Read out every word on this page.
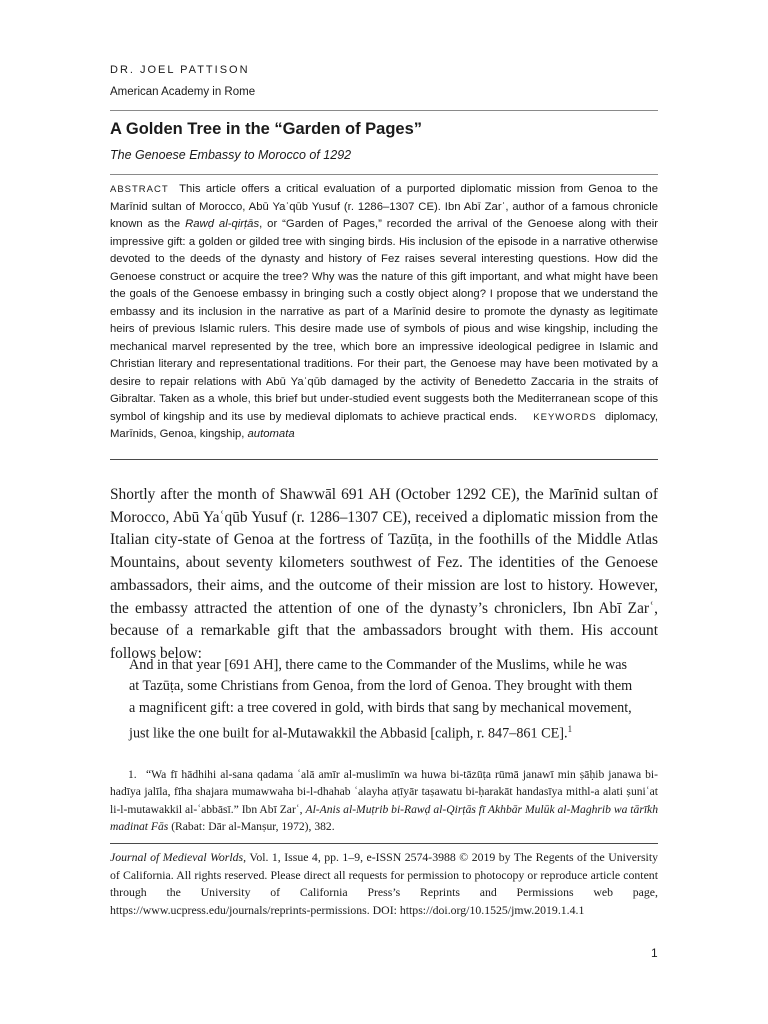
DR. JOEL PATTISON
American Academy in Rome
A Golden Tree in the “Garden of Pages”
The Genoese Embassy to Morocco of 1292

ABSTRACT This article offers a critical evaluation of a purported diplomatic mission from Genoa to the Marīnid sultan of Morocco, Abū Yaʿqūb Yusuf (r. 1286–1307 CE). Ibn Abī Zarʿ, author of a famous chronicle known as the Rawḍ al-qirṭās, or “Garden of Pages,” recorded the arrival of the Genoese along with their impressive gift: a golden or gilded tree with singing birds. His inclusion of the episode in a narrative otherwise devoted to the deeds of the dynasty and history of Fez raises several interesting questions. How did the Genoese construct or acquire the tree? Why was the nature of this gift important, and what might have been the goals of the Genoese embassy in bringing such a costly object along? I propose that we understand the embassy and its inclusion in the narrative as part of a Marīnid desire to promote the dynasty as legitimate heirs of previous Islamic rulers. This desire made use of symbols of pious and wise kingship, including the mechanical marvel represented by the tree, which bore an impressive ideological pedigree in Islamic and Christian literary and representational traditions. For their part, the Genoese may have been motivated by a desire to repair relations with Abū Yaʿqūb damaged by the activity of Benedetto Zaccaria in the straits of Gibraltar. Taken as a whole, this brief but under-studied event suggests both the Mediterranean scope of this symbol of kingship and its use by medieval diplomats to achieve practical ends. KEYWORDS diplomacy, Marīnids, Genoa, kingship, automata

Shortly after the month of Shawwāl 691 AH (October 1292 CE), the Marīnid sultan of Morocco, Abū Yaʿqūb Yusuf (r. 1286–1307 CE), received a diplomatic mission from the Italian city-state of Genoa at the fortress of Tazūṭa, in the foothills of the Middle Atlas Mountains, about seventy kilometers southwest of Fez. The identities of the Genoese ambassadors, their aims, and the outcome of their mission are lost to history. However, the embassy attracted the attention of one of the dynasty’s chroniclers, Ibn Abī Zarʿ, because of a remarkable gift that the ambassadors brought with them. His account follows below:

And in that year [691 AH], there came to the Commander of the Muslims, while he was at Tazūṭa, some Christians from Genoa, from the lord of Genoa. They brought with them a magnificent gift: a tree covered in gold, with birds that sang by mechanical movement, just like the one built for al-Mutawakkil the Abbasid [caliph, r. 847–861 CE].$^1$

1. “Wa fī hādhihi al-sana qadama ʿalā amīr al-muslimīn wa huwa bi-tāzūṭa rūmā janawī min ṣāḥib janawa bi-hadīya jalīla, fīha shajara mumawwaha bi-l-dhahab ʿalayha aṭīyār taṣawatu bi-ḥarakāt handasīya mithl-a alati ṣuniʿat li-l-mutawakkil al-ʿabbāsī.” Ibn Abī Zarʿ, Al-Anis al-Muṭrib bi-Rawḍ al-Qirṭās fī Akhbār Mulūk al-Maghrib wa tārīkh madinat Fās (Rabat: Dār al-Manṣur, 1972), 382.

Journal of Medieval Worlds, Vol. 1, Issue 4, pp. 1–9, e-ISSN 2574-3988 © 2019 by The Regents of the University of California. All rights reserved. Please direct all requests for permission to photocopy or reproduce article content through the University of California Press’s Reprints and Permissions web page, https://www.ucpress.edu/journals/reprints-permissions. DOI: https://doi.org/10.1525/jmw.2019.1.4.1

1
